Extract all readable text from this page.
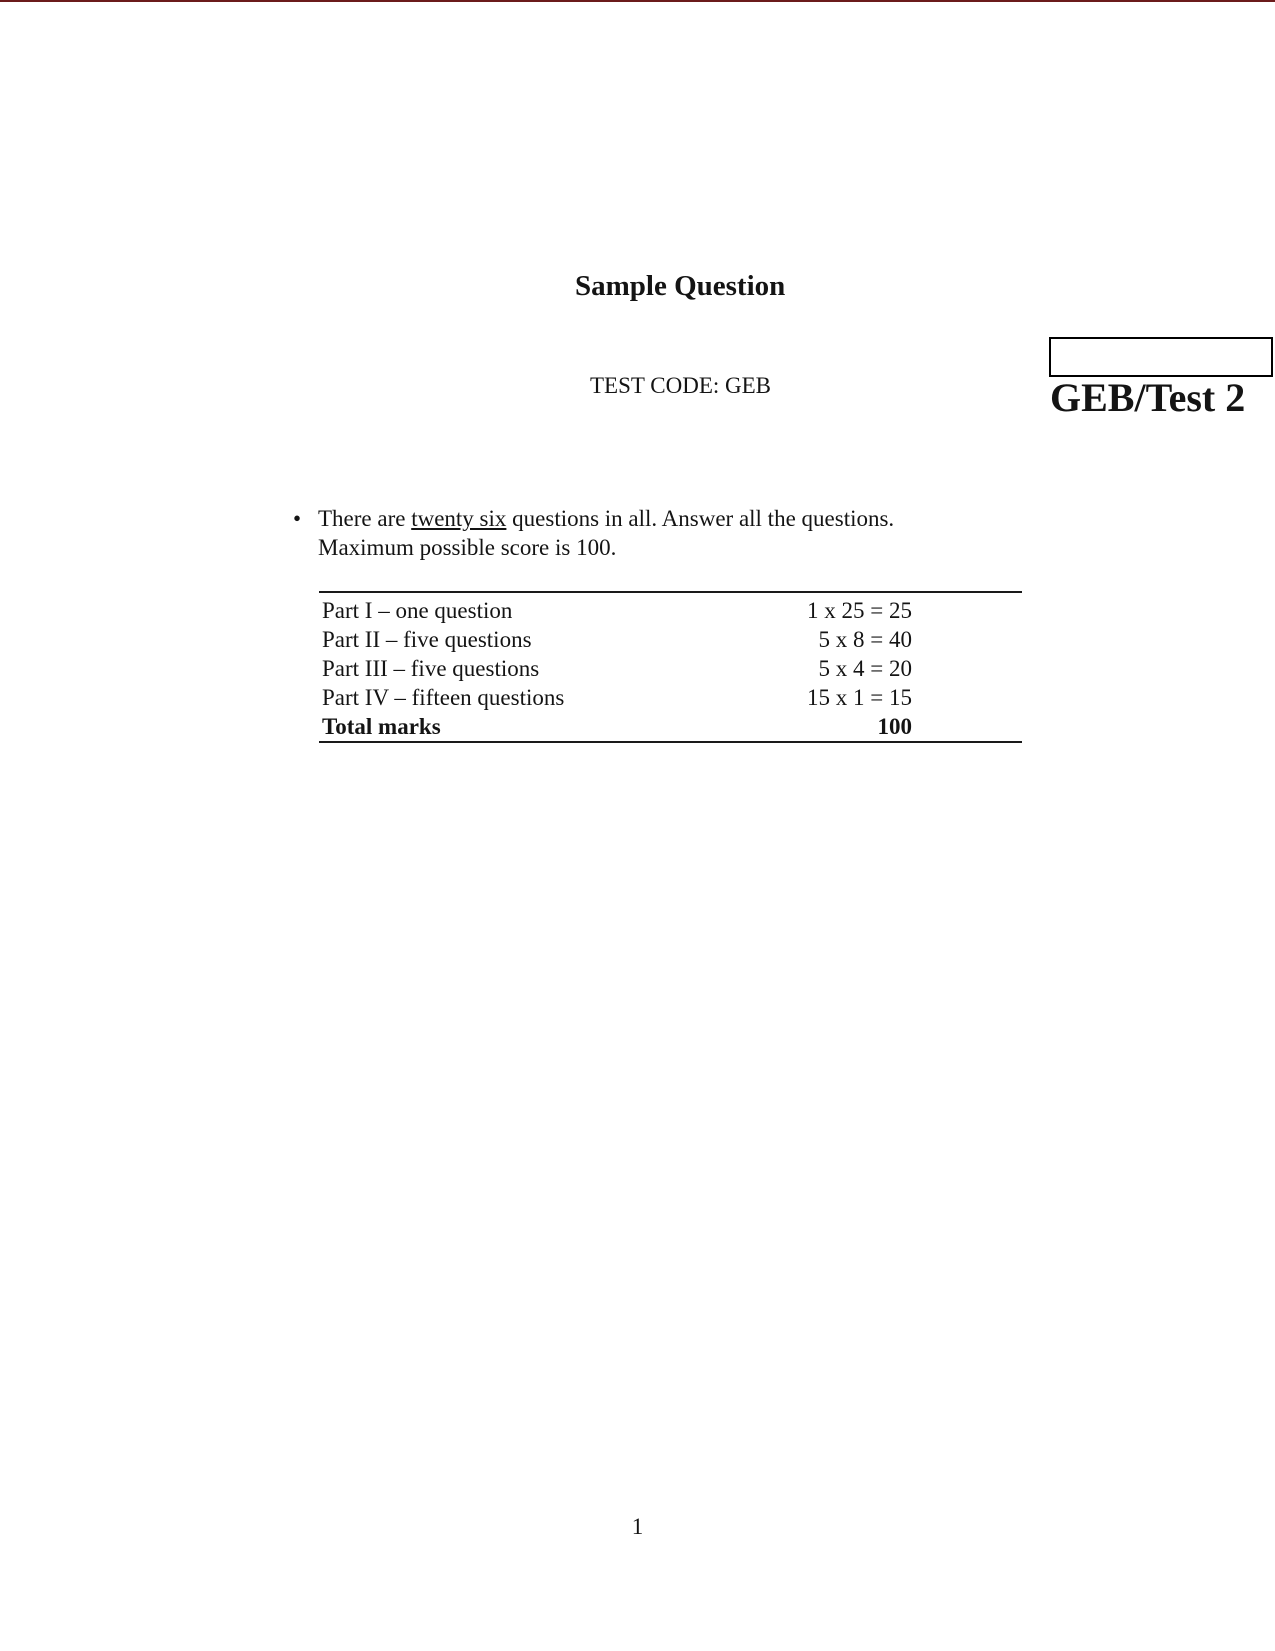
Sample Question
TEST CODE: GEB	GEB/Test 2
• There are twenty six questions in all. Answer all the questions.
Maximum possible score is 100.
Part I – one question	1 x 25 = 25
Part II – five questions	5 x 8 = 40
Part III – five questions	5 x 4 = 20
Part IV – fifteen questions	15 x 1 = 15
Total marks	100
1
